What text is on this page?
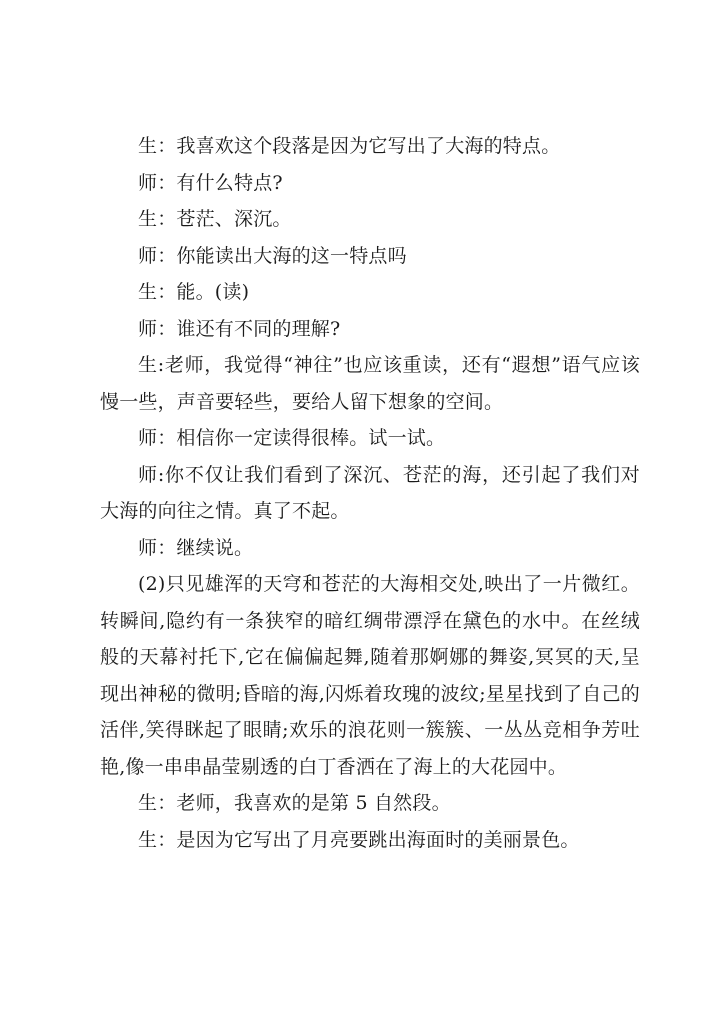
生：我喜欢这个段落是因为它写出了大海的特点。

师：有什么特点?

生：苍茫、深沉。

师：你能读出大海的这一特点吗

生：能。(读)

师：谁还有不同的理解?

生:老师，我觉得“神往”也应该重读，还有“遐想”语气应该慢一些，声音要轻些，要给人留下想象的空间。

师：相信你一定读得很棒。试一试。

师:你不仅让我们看到了深沉、苍茫的海，还引起了我们对大海的向往之情。真了不起。

师：继续说。

(2)只见雄浑的天穹和苍茫的大海相交处,映出了一片微红。转瞬间,隐约有一条狭窄的暗红绸带漂浮在黛色的水中。在丝绒般的天幕衬托下,它在偏偏起舞,随着那婀娜的舞姿,冥冥的天,呈现出神秘的微明;昏暗的海,闪烁着玫瑰的波纹;星星找到了自己的活伴,笑得眯起了眼睛;欢乐的浪花则一簇簇、一丛丛竞相争芳吐艳,像一串串晶莹剔透的白丁香洒在了海上的大花园中。

生：老师，我喜欢的是第 5 自然段。

生：是因为它写出了月亮要跳出海面时的美丽景色。
